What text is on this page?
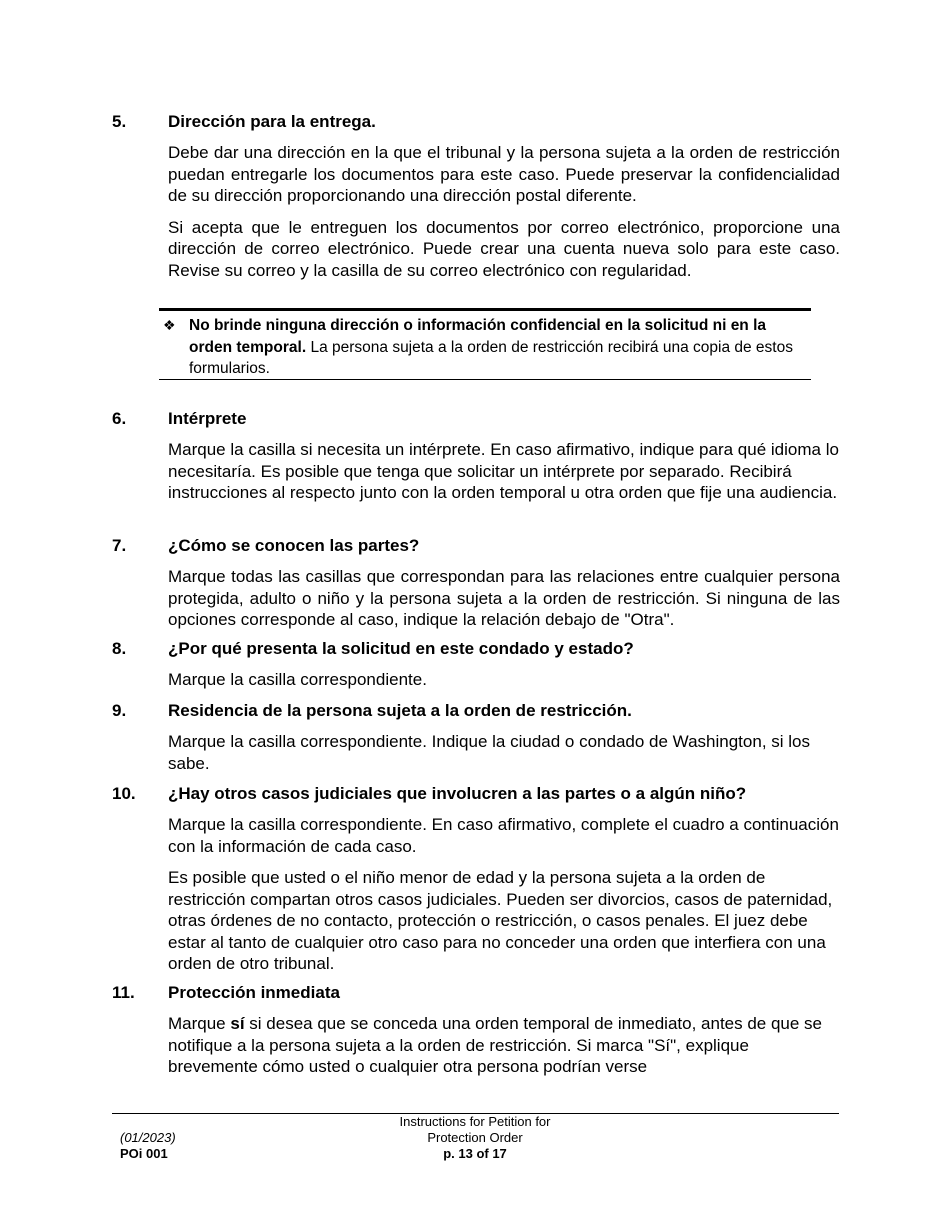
5.	Dirección para la entrega.
Debe dar una dirección en la que el tribunal y la persona sujeta a la orden de restricción puedan entregarle los documentos para este caso. Puede preservar la confidencialidad de su dirección proporcionando una dirección postal diferente.
Si acepta que le entreguen los documentos por correo electrónico, proporcione una dirección de correo electrónico. Puede crear una cuenta nueva solo para este caso. Revise su correo y la casilla de su correo electrónico con regularidad.
❖ No brinde ninguna dirección o información confidencial en la solicitud ni en la orden temporal. La persona sujeta a la orden de restricción recibirá una copia de estos formularios.
6.	Intérprete
Marque la casilla si necesita un intérprete. En caso afirmativo, indique para qué idioma lo necesitaría. Es posible que tenga que solicitar un intérprete por separado. Recibirá instrucciones al respecto junto con la orden temporal u otra orden que fije una audiencia.
7.	¿Cómo se conocen las partes?
Marque todas las casillas que correspondan para las relaciones entre cualquier persona protegida, adulto o niño y la persona sujeta a la orden de restricción. Si ninguna de las opciones corresponde al caso, indique la relación debajo de "Otra".
8.	¿Por qué presenta la solicitud en este condado y estado?
Marque la casilla correspondiente.
9.	Residencia de la persona sujeta a la orden de restricción.
Marque la casilla correspondiente. Indique la ciudad o condado de Washington, si los sabe.
10.	¿Hay otros casos judiciales que involucren a las partes o a algún niño?
Marque la casilla correspondiente. En caso afirmativo, complete el cuadro a continuación con la información de cada caso.
Es posible que usted o el niño menor de edad y la persona sujeta a la orden de restricción compartan otros casos judiciales. Pueden ser divorcios, casos de paternidad, otras órdenes de no contacto, protección o restricción, o casos penales. El juez debe estar al tanto de cualquier otro caso para no conceder una orden que interfiera con una orden de otro tribunal.
11.	Protección inmediata
Marque sí si desea que se conceda una orden temporal de inmediato, antes de que se notifique a la persona sujeta a la orden de restricción. Si marca "Sí", explique brevemente cómo usted o cualquier otra persona podrían verse
(01/2023)
POi 001
Instructions for Petition for
Protection Order
p. 13 of 17
